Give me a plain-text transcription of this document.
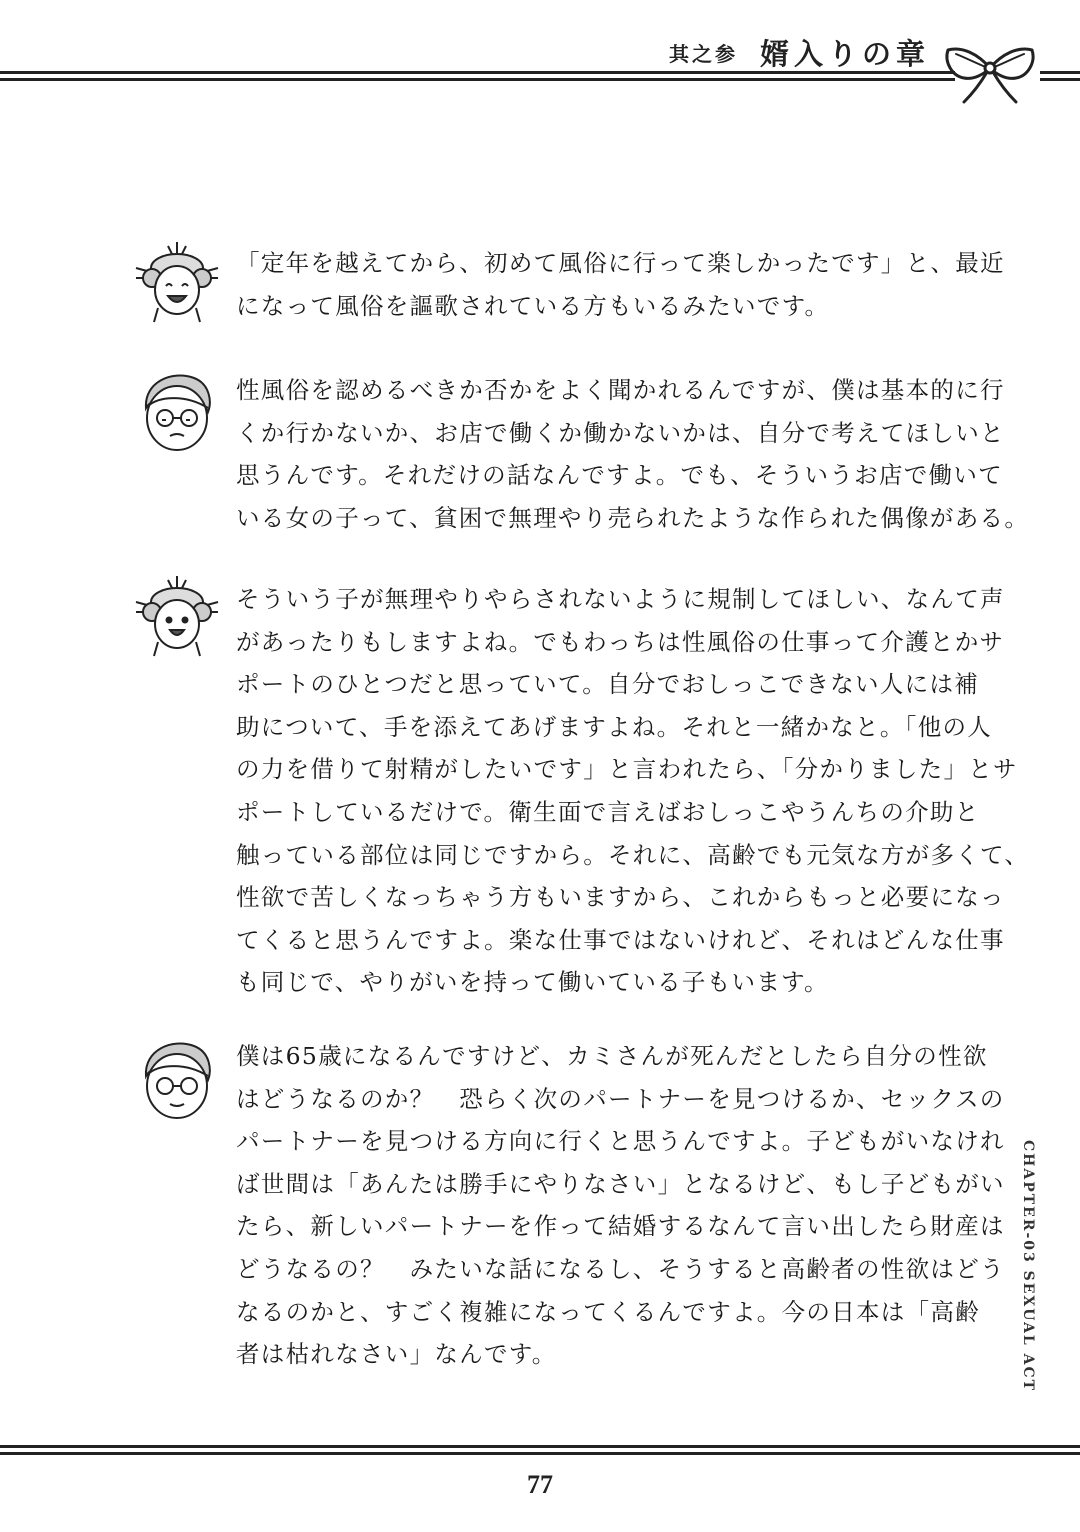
其之参 婿入りの章
「定年を越えてから、初めて風俗に行って楽しかったです」と、最近
になって風俗を謳歌されている方もいるみたいです。
性風俗を認めるべきか否かをよく聞かれるんですが、僕は基本的に行
くか行かないか、お店で働くか働かないかは、自分で考えてほしいと
思うんです。それだけの話なんですよ。でも、そういうお店で働いて
いる女の子って、貧困で無理やり売られたような作られた偶像がある。
そういう子が無理やりやらされないように規制してほしい、なんて声
があったりもしますよね。でもわっちは性風俗の仕事って介護とかサ
ポートのひとつだと思っていて。自分でおしっこできない人には補
助について、手を添えてあげますよね。それと一緒かなと。「他の人
の力を借りて射精がしたいです」と言われたら、「分かりました」とサ
ポートしているだけで。衛生面で言えばおしっこやうんちの介助と
触っている部位は同じですから。それに、高齢でも元気な方が多くて、
性欲で苦しくなっちゃう方もいますから、これからもっと必要になっ
てくると思うんですよ。楽な仕事ではないけれど、それはどんな仕事
も同じで、やりがいを持って働いている子もいます。
僕は65歳になるんですけど、カミさんが死んだとしたら自分の性欲
はどうなるのか？　恐らく次のパートナーを見つけるか、セックスの
パートナーを見つける方向に行くと思うんですよ。子どもがいなけれ
ば世間は「あんたは勝手にやりなさい」となるけど、もし子どもがい
たら、新しいパートナーを作って結婚するなんて言い出したら財産は
どうなるの？　みたいな話になるし、そうすると高齢者の性欲はどう
なるのかと、すごく複雑になってくるんですよ。今の日本は「高齢
者は枯れなさい」なんです。	CHAPTER-03 SEXUAL ACT
77
